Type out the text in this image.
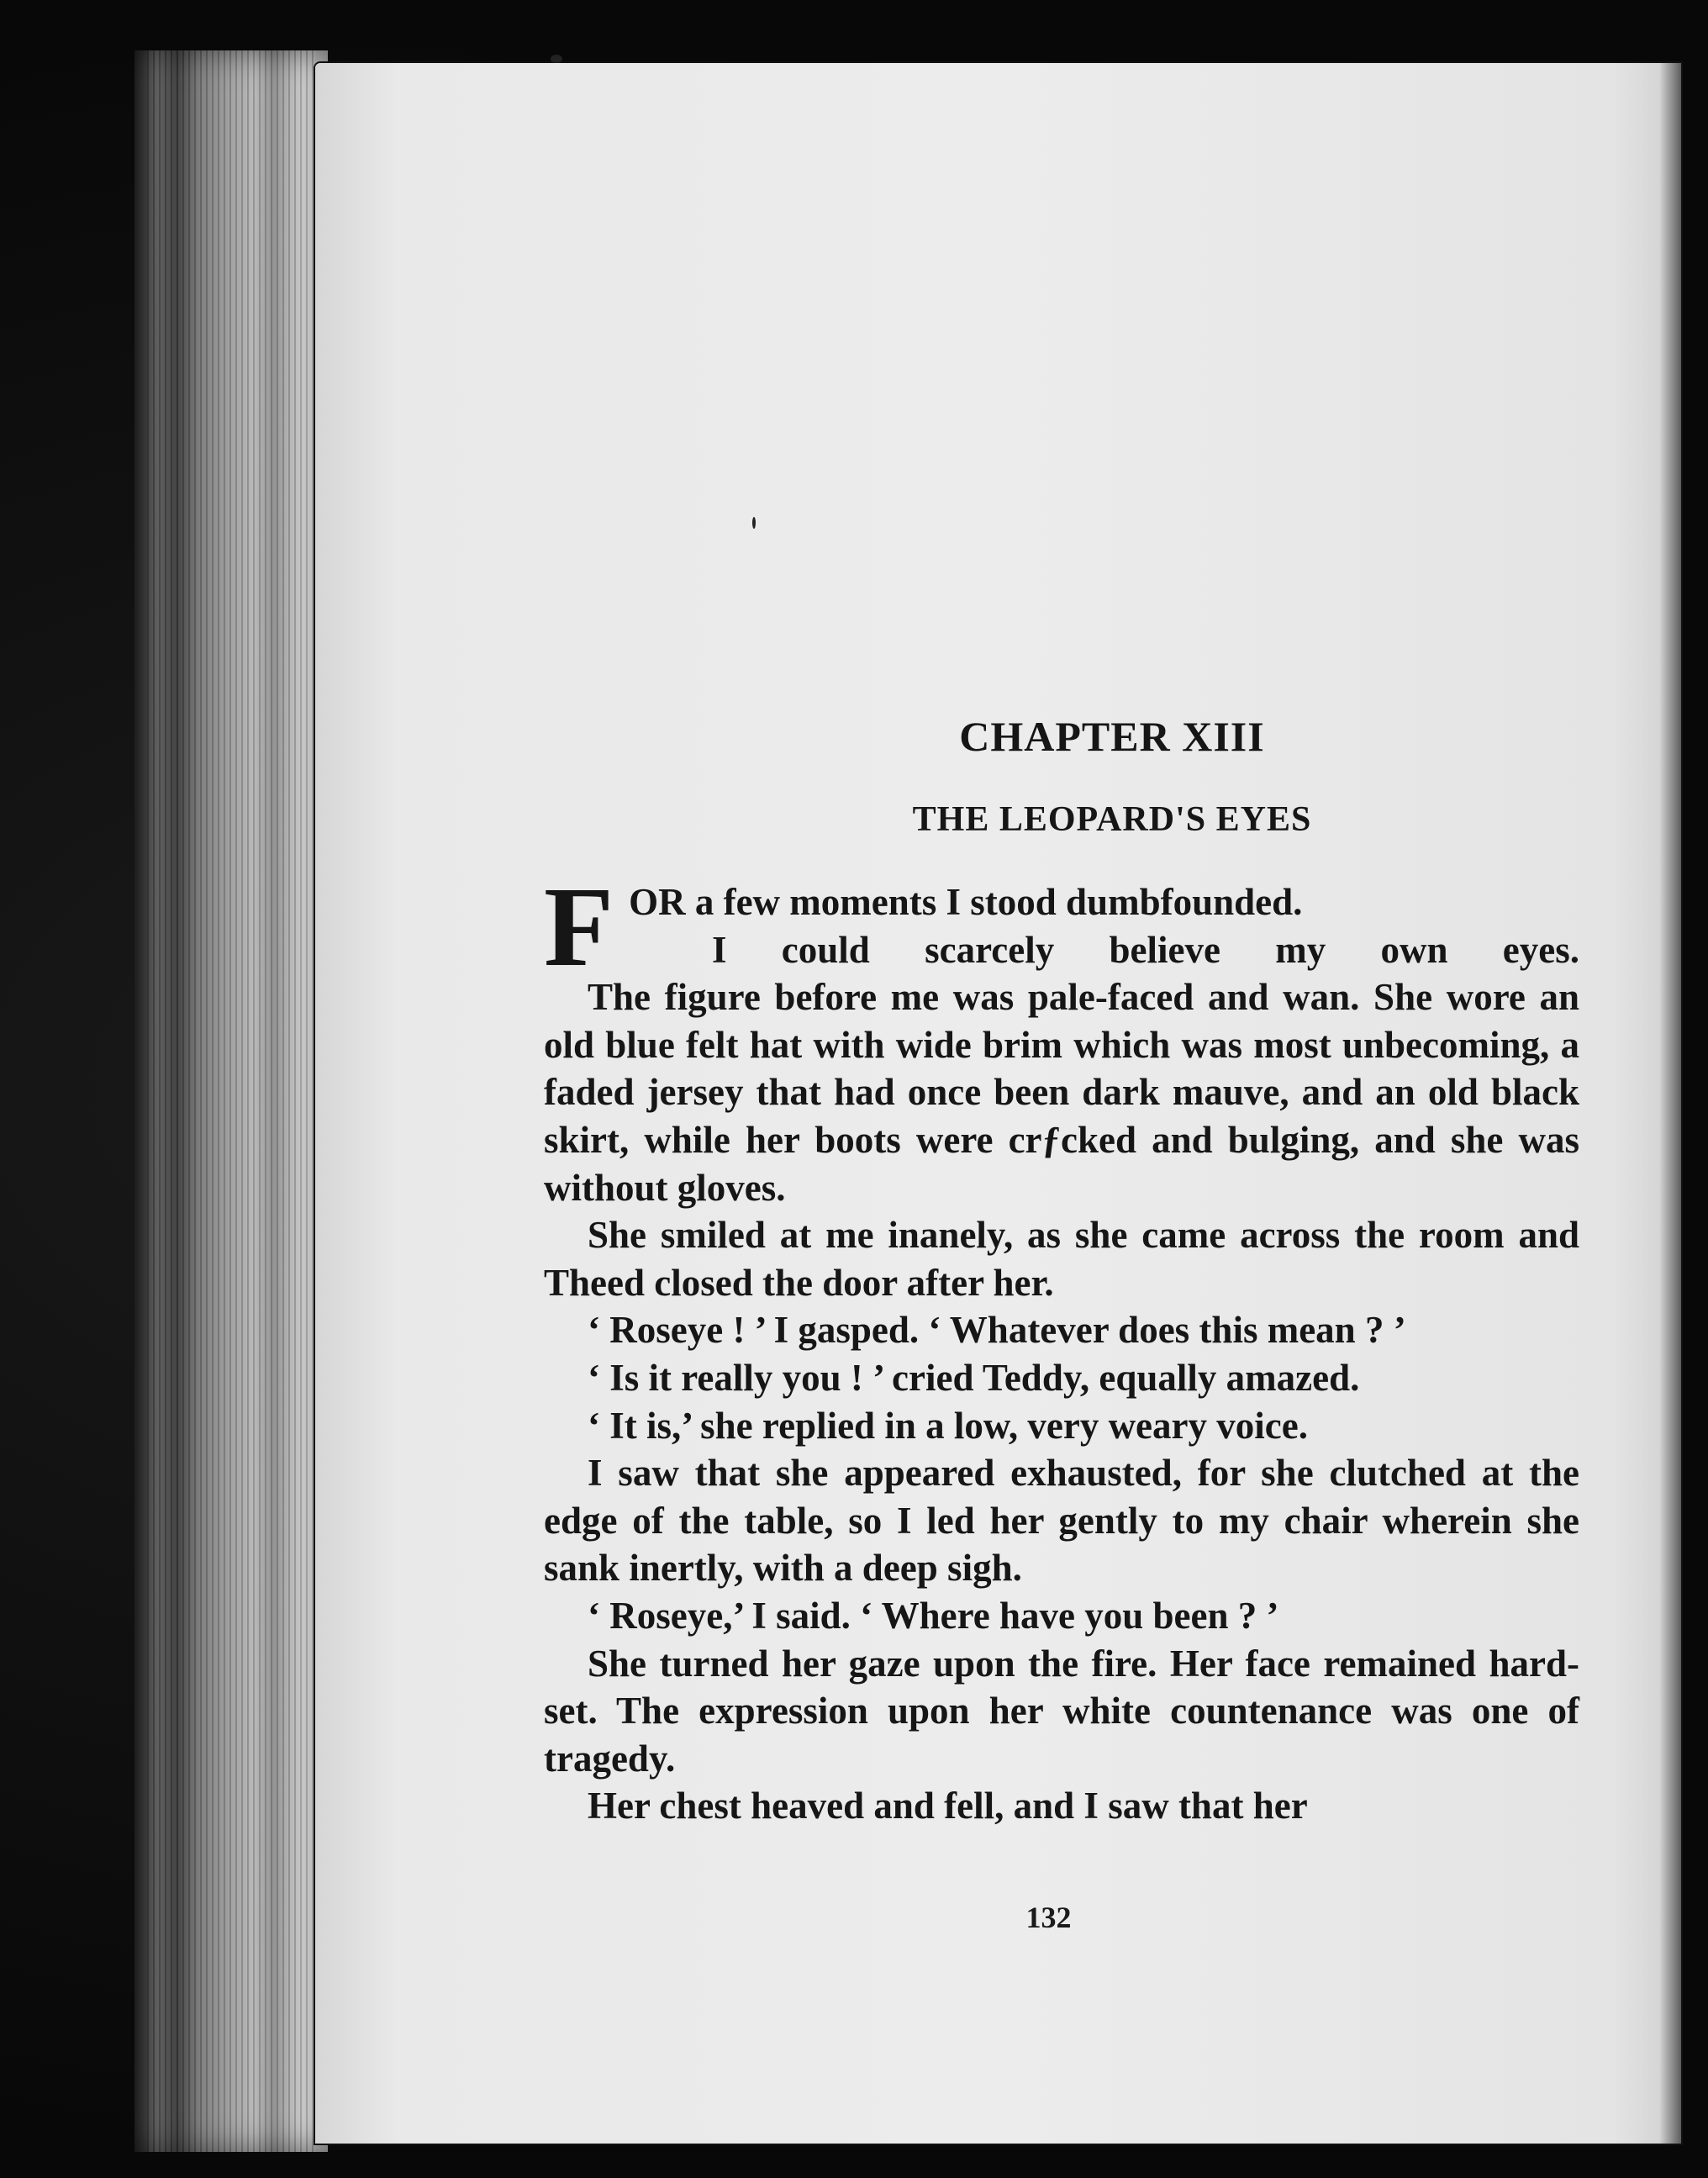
CHAPTER XIII
THE LEOPARD'S EYES
F OR a few moments I stood dumbfounded.
I could scarcely believe my own eyes.

The figure before me was pale-faced and wan. She wore an old blue felt hat with wide brim which was most unbecoming, a faded jersey that had once been dark mauve, and an old black skirt, while her boots were crƒcked and bulging, and she was without gloves.

She smiled at me inanely, as she came across the room and Theed closed the door after her.

‘ Roseye ! ’ I gasped. ‘ Whatever does this mean ? ’

‘ Is it really you ! ’ cried Teddy, equally amazed.

‘ It is,’ she replied in a low, very weary voice.

I saw that she appeared exhausted, for she clutched at the edge of the table, so I led her gently to my chair wherein she sank inertly, with a deep sigh.

‘ Roseye,’ I said. ‘ Where have you been ? ’

She turned her gaze upon the fire. Her face remained hard-set. The expression upon her white countenance was one of tragedy.

Her chest heaved and fell, and I saw that her

132
